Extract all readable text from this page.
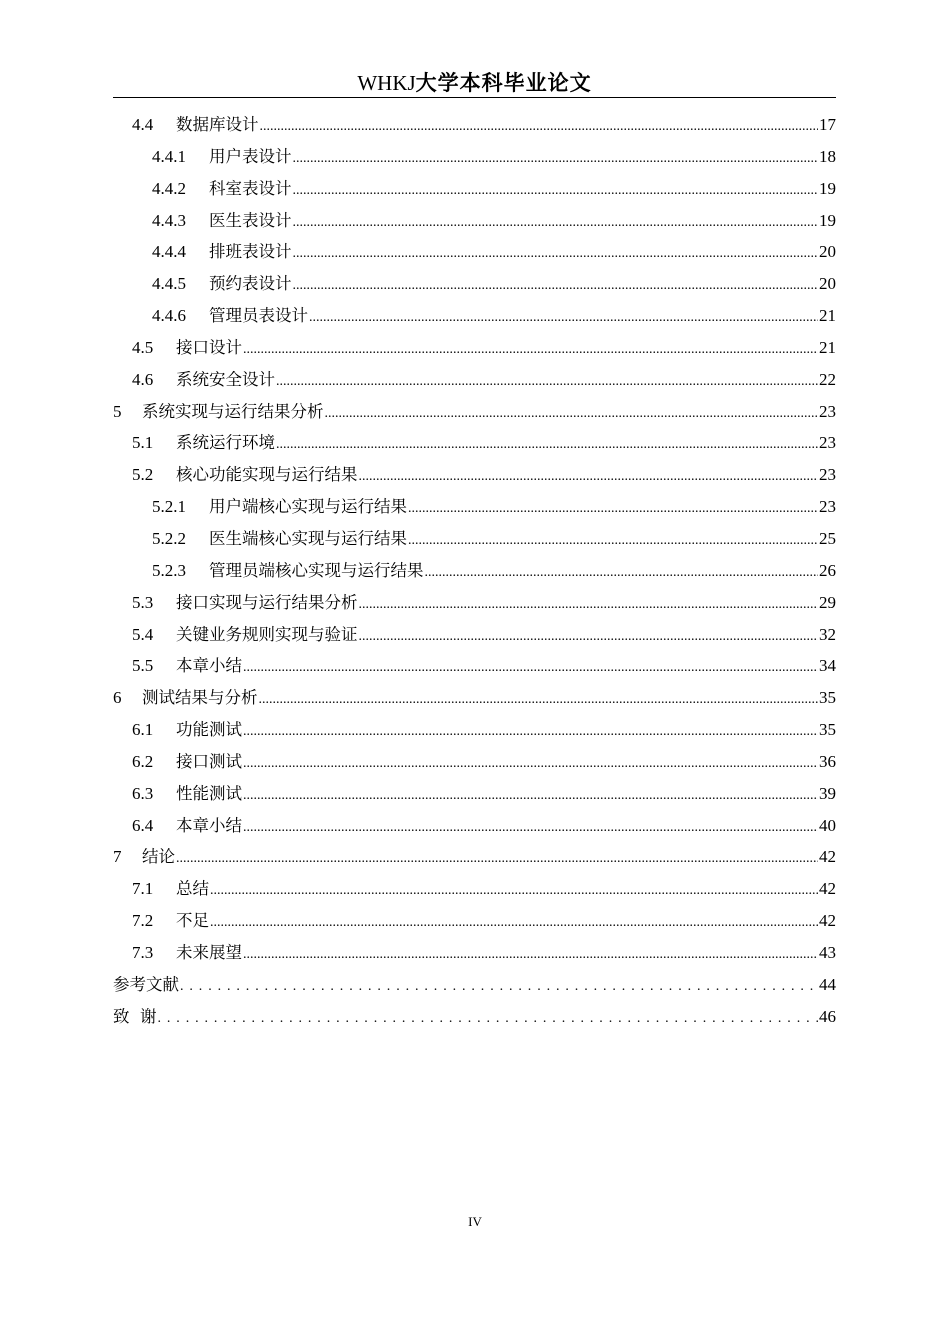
WHKJ大学本科毕业论文
4.4	数据库设计 .....	17
4.4.1	用户表设计 .....	18
4.4.2	科室表设计 .....	19
4.4.3	医生表设计 .....	19
4.4.4	排班表设计 .....	20
4.4.5	预约表设计 .....	20
4.4.6	管理员表设计 .....	21
4.5	接口设计 .....	21
4.6	系统安全设计 .....	22
5	系统实现与运行结果分析 .....	23
5.1	系统运行环境 .....	23
5.2	核心功能实现与运行结果 .....	23
5.2.1	用户端核心实现与运行结果 .....	23
5.2.2	医生端核心实现与运行结果 .....	25
5.2.3	管理员端核心实现与运行结果 .....	26
5.3	接口实现与运行结果分析 .....	29
5.4	关键业务规则实现与验证 .....	32
5.5	本章小结 .....	34
6	测试结果与分析 .....	35
6.1	功能测试 .....	35
6.2	接口测试 .....	36
6.3	性能测试 .....	39
6.4	本章小结 .....	40
7	结论 .....	42
7.1	总结 .....	42
7.2	不足 .....	42
7.3	未来展望 .....	43
参考文献 . . .	44
致  谢 . . .	46
IV
